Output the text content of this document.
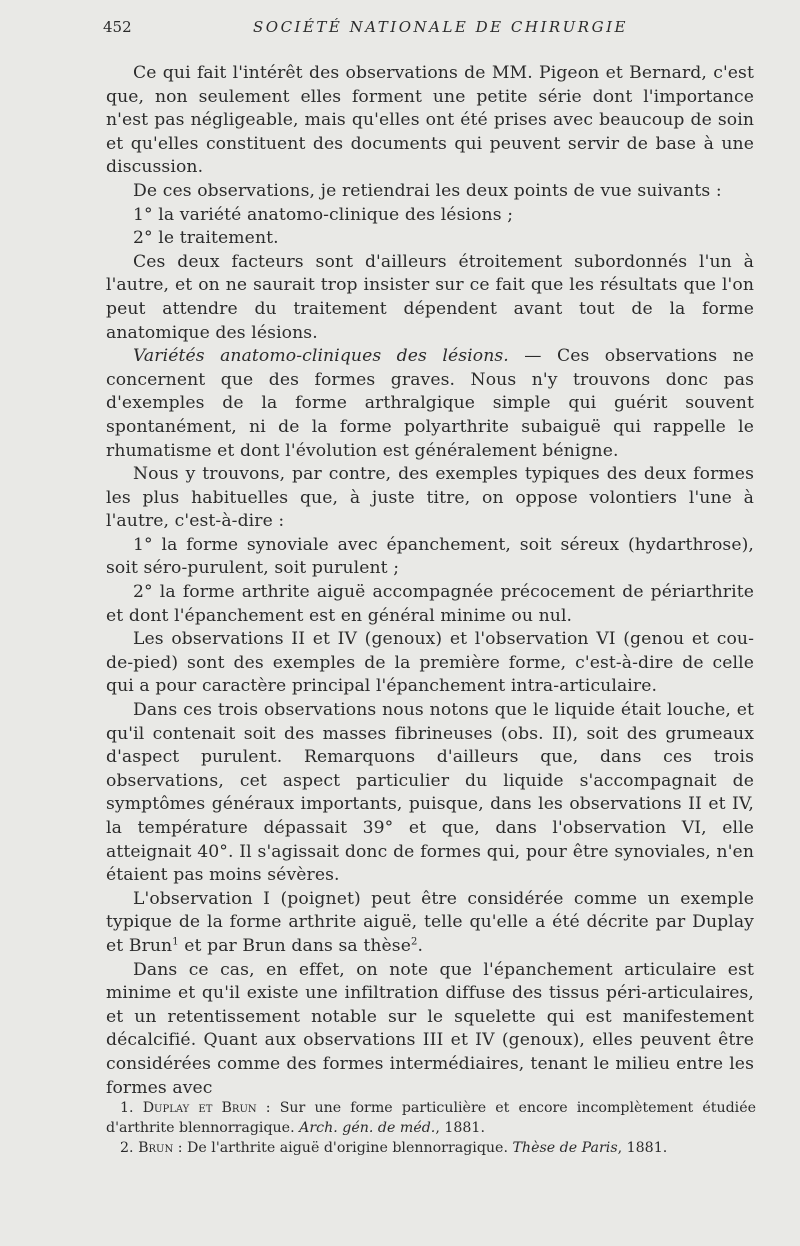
452	SOCIÉTÉ NATIONALE DE CHIRURGIE

Ce qui fait l'intérêt des observations de MM. Pigeon et Bernard, c'est que, non seulement elles forment une petite série dont l'importance n'est pas négligeable, mais qu'elles ont été prises avec beaucoup de soin et qu'elles constituent des documents qui peuvent servir de base à une discussion.

De ces observations, je retiendrai les deux points de vue suivants :

1° la variété anatomo-clinique des lésions ;

2° le traitement.

Ces deux facteurs sont d'ailleurs étroitement subordonnés l'un à l'autre, et on ne saurait trop insister sur ce fait que les résultats que l'on peut attendre du traitement dépendent avant tout de la forme anatomique des lésions.

Variétés anatomo-cliniques des lésions. — Ces observations ne concernent que des formes graves. Nous n'y trouvons donc pas d'exemples de la forme arthralgique simple qui guérit souvent spontanément, ni de la forme polyarthrite subaiguë qui rappelle le rhumatisme et dont l'évolution est généralement bénigne.

Nous y trouvons, par contre, des exemples typiques des deux formes les plus habituelles que, à juste titre, on oppose volontiers l'une à l'autre, c'est-à-dire :

1° la forme synoviale avec épanchement, soit séreux (hydarthrose), soit séro-purulent, soit purulent ;

2° la forme arthrite aiguë accompagnée précocement de périarthrite et dont l'épanchement est en général minime ou nul.

Les observations II et IV (genoux) et l'observation VI (genou et cou-de-pied) sont des exemples de la première forme, c'est-à-dire de celle qui a pour caractère principal l'épanchement intra-articulaire.

Dans ces trois observations nous notons que le liquide était louche, et qu'il contenait soit des masses fibrineuses (obs. II), soit des grumeaux d'aspect purulent. Remarquons d'ailleurs que, dans ces trois observations, cet aspect particulier du liquide s'accompagnait de symptômes généraux importants, puisque, dans les observations II et IV, la température dépassait 39° et que, dans l'observation VI, elle atteignait 40°. Il s'agissait donc de formes qui, pour être synoviales, n'en étaient pas moins sévères.

L'observation I (poignet) peut être considérée comme un exemple typique de la forme arthrite aiguë, telle qu'elle a été décrite par Duplay et Brun$^1$ et par Brun dans sa thèse$^2$.

Dans ce cas, en effet, on note que l'épanchement articulaire est minime et qu'il existe une infiltration diffuse des tissus péri-articulaires, et un retentissement notable sur le squelette qui est manifestement décalcifié. Quant aux observations III et IV (genoux), elles peuvent être considérées comme des formes intermédiaires, tenant le milieu entre les formes avec

1. Duplay et Brun : Sur une forme particulière et encore incomplètement étudiée d'arthrite blennorragique. Arch. gén. de méd., 1881.

2. Brun : De l'arthrite aiguë d'origine blennorragique. Thèse de Paris, 1881.
